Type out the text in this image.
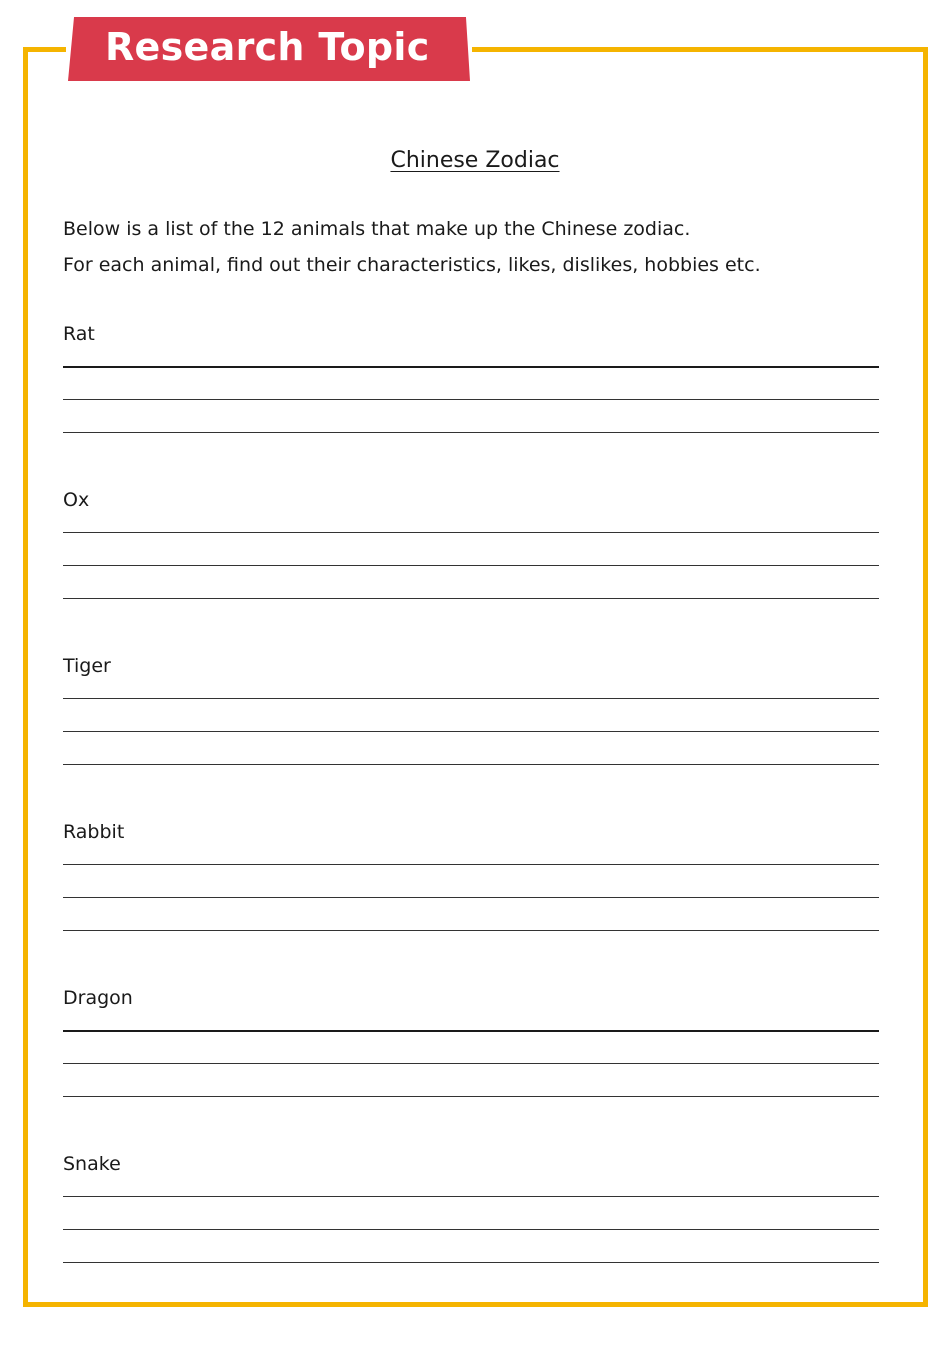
Research Topic
Chinese Zodiac
Below is a list of the 12 animals that make up the Chinese zodiac.
For each animal, find out their characteristics, likes, dislikes, hobbies etc.
Rat
Ox
Tiger
Rabbit
Dragon
Snake
